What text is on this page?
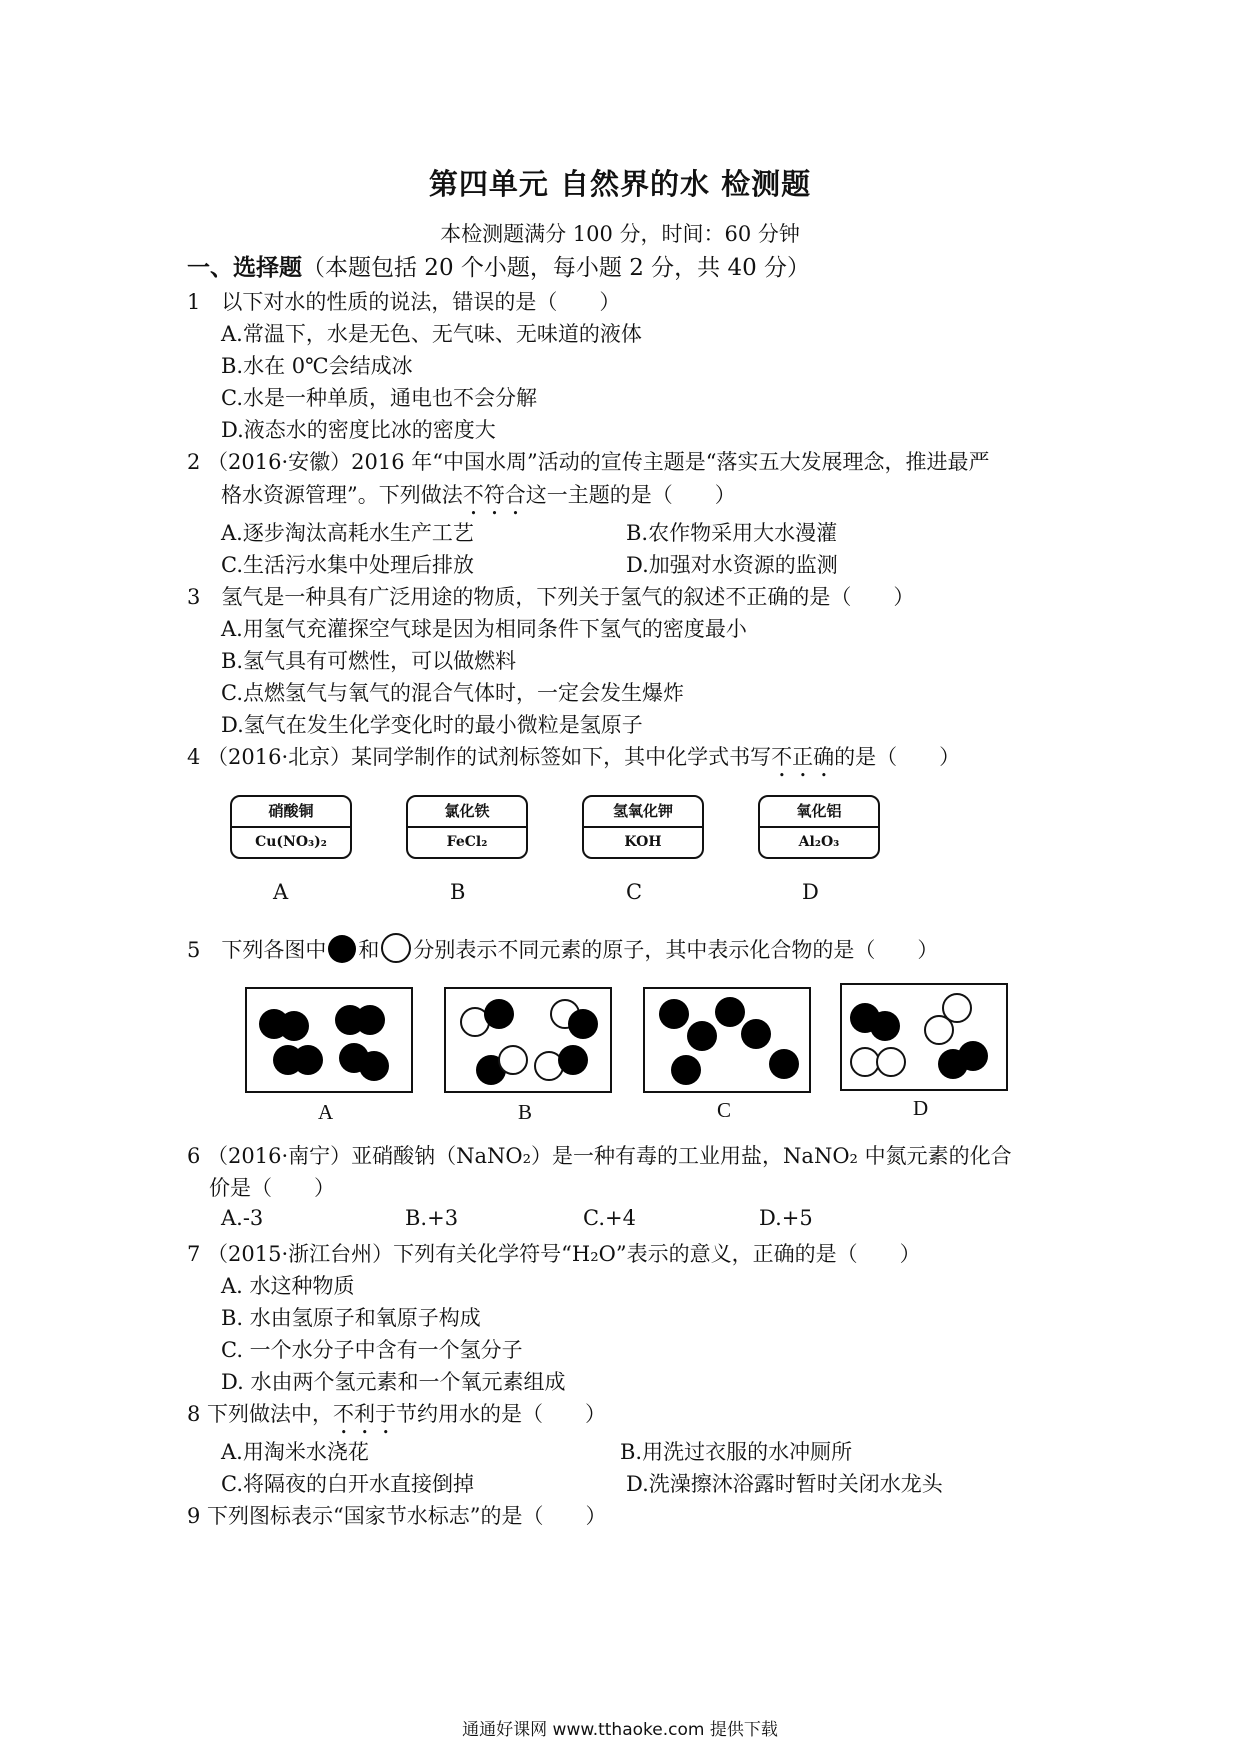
第四单元 自然界的水 检测题
本检测题满分 100 分，时间：60 分钟
一、选择题（本题包括 20 个小题，每小题 2 分，共 40 分）
1　以下对水的性质的说法，错误的是（　　）
A.常温下，水是无色、无气味、无味道的液体
B.水在 0℃会结成冰
C.水是一种单质，通电也不会分解
D.液态水的密度比冰的密度大
2 （2016·安徽）2016 年“中国水周”活动的宣传主题是“落实五大发展理念，推进最严
格水资源管理”。下列做法不符合这一主题的是（　　）
A.逐步淘汰高耗水生产工艺	B.农作物采用大水漫灌
C.生活污水集中处理后排放	D.加强对水资源的监测
3　氢气是一种具有广泛用途的物质，下列关于氢气的叙述不正确的是（　　）
A.用氢气充灌探空气球是因为相同条件下氢气的密度最小
B.氢气具有可燃性，可以做燃料
C.点燃氢气与氧气的混合气体时，一定会发生爆炸
D.氢气在发生化学变化时的最小微粒是氢原子
4 （2016·北京）某同学制作的试剂标签如下，其中化学式书写不正确的是（　　）
硝酸铜
Cu(NO₃)₂
氯化铁
FeCl₂
氢氧化钾
KOH
氧化铝
Al₂O₃
A	B	C	D
5　下列各图中 和 分别表示不同元素的原子，其中表示化合物的是（　　）
A	B	C	D
6 （2016·南宁）亚硝酸钠（NaNO₂）是一种有毒的工业用盐，NaNO₂ 中氮元素的化合
价是（　　）
A.-3	B.+3	C.+4	D.+5
7 （2015·浙江台州）下列有关化学符号“H₂O”表示的意义，正确的是（　　）
A. 水这种物质
B. 水由氢原子和氧原子构成
C. 一个水分子中含有一个氢分子
D. 水由两个氢元素和一个氧元素组成
8 下列做法中，不利于节约用水的是（　　）
A.用淘米水浇花	B.用洗过衣服的水冲厕所
C.将隔夜的白开水直接倒掉	D.洗澡擦沐浴露时暂时关闭水龙头
9 下列图标表示“国家节水标志”的是（　　）
通通好课网 www.tthaoke.com 提供下载
